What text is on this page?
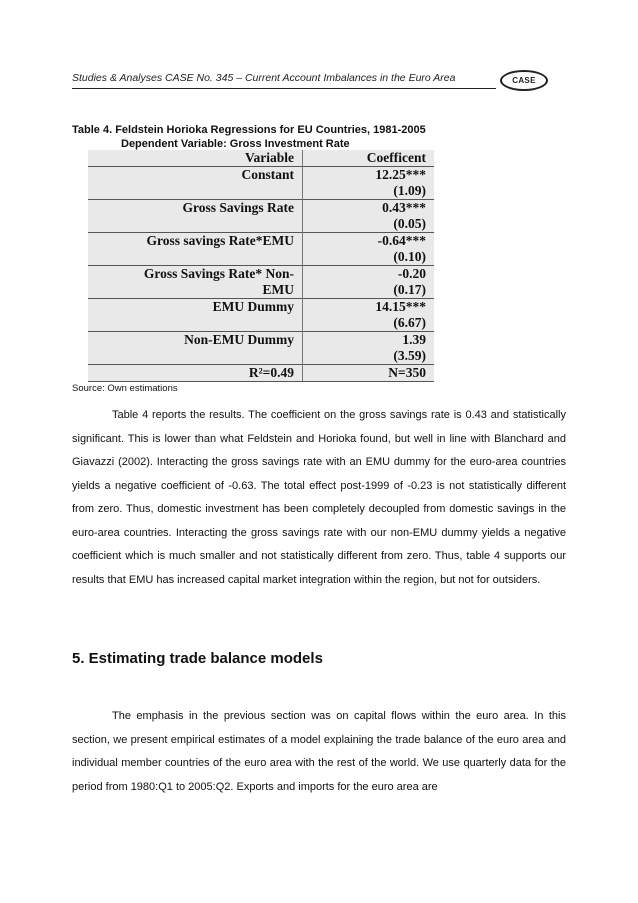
Studies & Analyses CASE No. 345 – Current Account Imbalances in the Euro Area	CASE
Table 4. Feldstein Horioka Regressions for EU Countries, 1981-2005
Dependent Variable: Gross Investment Rate
Variable	Coefficent
Constant	12.25***
	(1.09)
Gross Savings Rate	0.43***
	(0.05)
Gross savings Rate*EMU	-0.64***
	(0.10)
Gross Savings Rate* Non-	-0.20
EMU	(0.17)
EMU Dummy	14.15***
	(6.67)
Non-EMU Dummy	1.39
	(3.59)
R²=0.49	N=350
Source: Own estimations

Table 4 reports the results. The coefficient on the gross savings rate is 0.43 and statistically significant. This is lower than what Feldstein and Horioka found, but well in line with Blanchard and Giavazzi (2002). Interacting the gross savings rate with an EMU dummy for the euro-area countries yields a negative coefficient of -0.63. The total effect post-1999 of -0.23 is not statistically different from zero. Thus, domestic investment has been completely decoupled from domestic savings in the euro-area countries. Interacting the gross savings rate with our non-EMU dummy yields a negative coefficient which is much smaller and not statistically different from zero. Thus, table 4 supports our results that EMU has increased capital market integration within the region, but not for outsiders.

5. Estimating trade balance models

The emphasis in the previous section was on capital flows within the euro area. In this section, we present empirical estimates of a model explaining the trade balance of the euro area and individual member countries of the euro area with the rest of the world. We use quarterly data for the period from 1980:Q1 to 2005:Q2. Exports and imports for the euro area are
